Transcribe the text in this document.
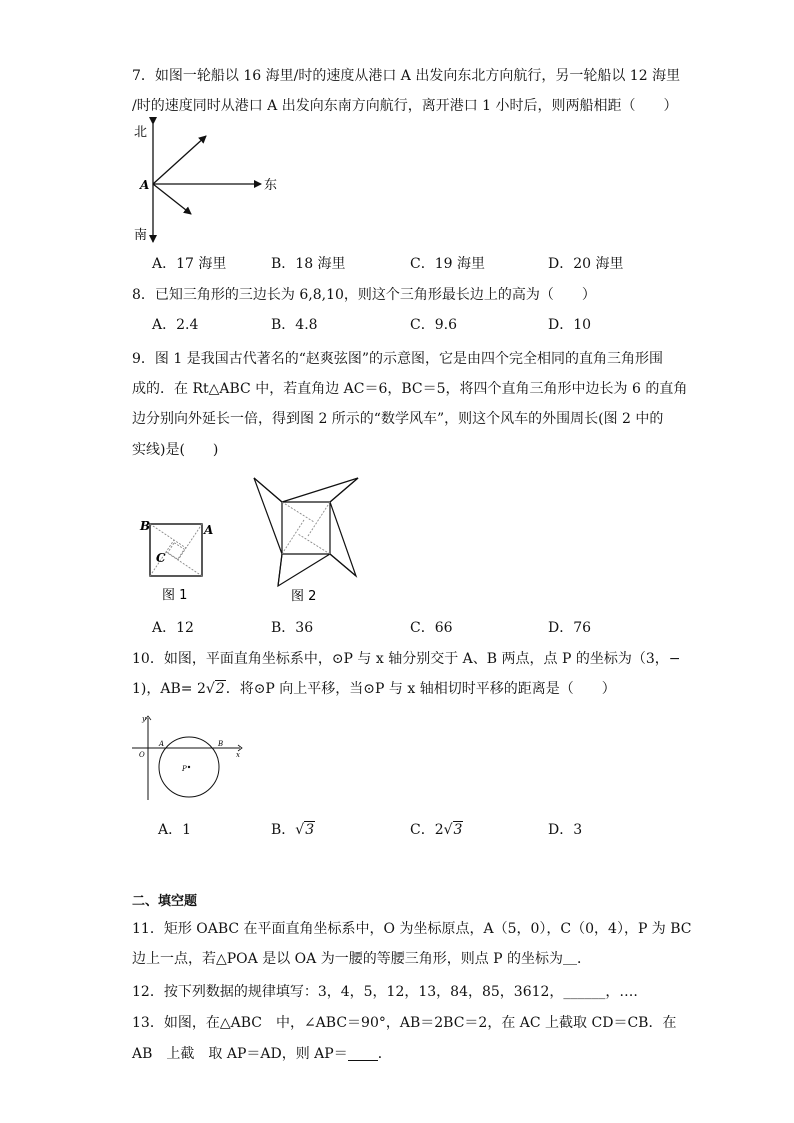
7．如图一轮船以 16 海里/时的速度从港口 A 出发向东北方向航行，另一轮船以 12 海里
/时的速度同时从港口 A 出发向东南方向航行，离开港口 1 小时后，则两船相距（　　）
北
南
东
A
A．17 海里	B．18 海里	C．19 海里	D．20 海里
8．已知三角形的三边长为 6,8,10，则这个三角形最长边上的高为（　　）
A．2.4	B．4.8	C．9.6	D．10
9．图 1 是我国古代著名的“赵爽弦图”的示意图，它是由四个完全相同的直角三角形围
成的．在 Rt△ABC 中，若直角边 AC＝6，BC＝5，将四个直角三角形中边长为 6 的直角
边分别向外延长一倍，得到图 2 所示的“数学风车”，则这个风车的外围周长(图 2 中的
实线)是(　　)
B	A
C
图 1	图 2
A．12	B．36	C．66	D．76
10．如图，平面直角坐标系中，⊙P 与 x 轴分别交于 A、B 两点，点 P 的坐标为（3，−
1)，AB= 2√2．将⊙P 向上平移，当⊙P 与 x 轴相切时平移的距离是（　　）
y
x
O
A	B
P
A．1	B．√3	C．2√3	D．3
二、填空题
11．矩形 OABC 在平面直角坐标系中，O 为坐标原点，A（5，0），C（0，4），P 为 BC
边上一点，若△POA 是以 OA 为一腰的等腰三角形，则点 P 的坐标为＿．
12．按下列数据的规律填写：3，4，5，12，13，84，85，3612，______，….
13．如图，在△ABC　中，∠ABC＝90°，AB＝2BC＝2，在 AC 上截取 CD＝CB．在
AB　上截　取 AP＝AD，则 AP＝ ．
